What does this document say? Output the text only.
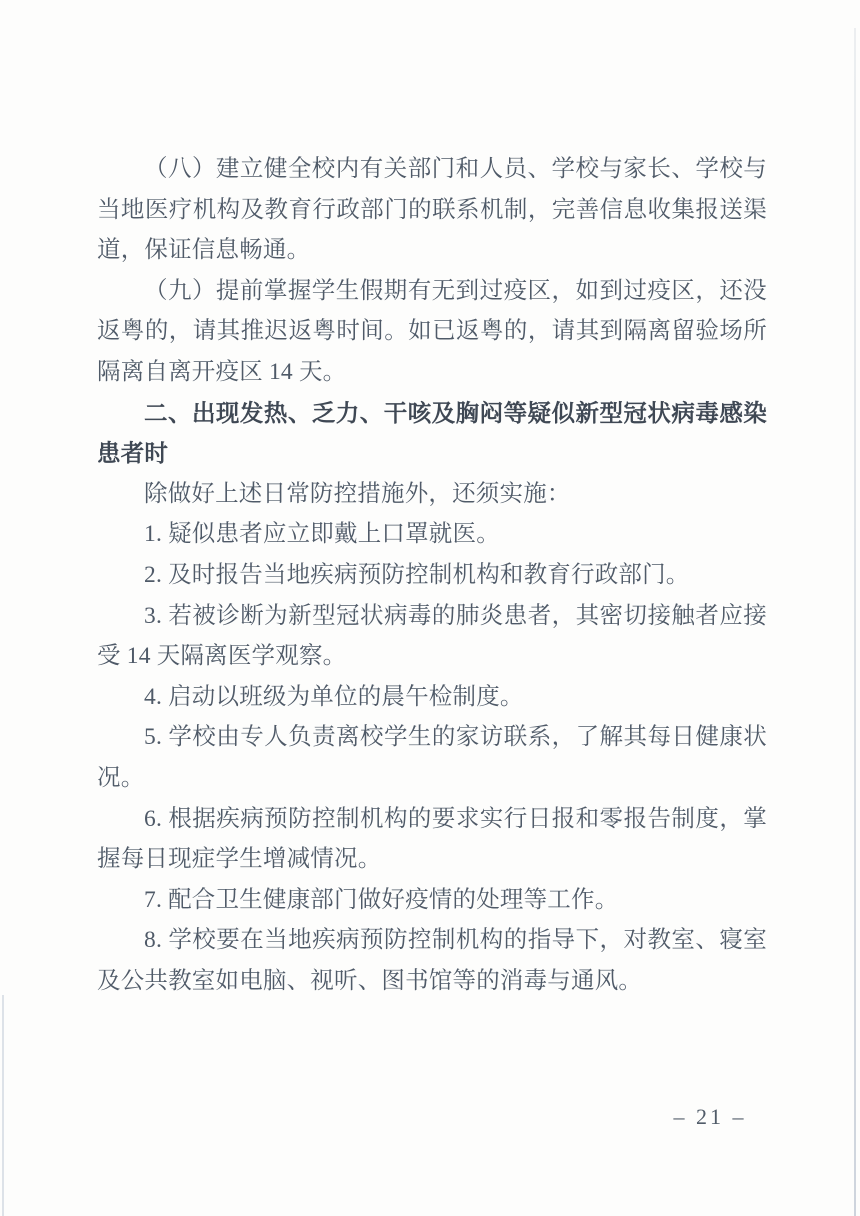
（八）建立健全校内有关部门和人员、学校与家长、学校与当地医疗机构及教育行政部门的联系机制，完善信息收集报送渠道，保证信息畅通。

（九）提前掌握学生假期有无到过疫区，如到过疫区，还没返粤的，请其推迟返粤时间。如已返粤的，请其到隔离留验场所隔离自离开疫区 14 天。

二、出现发热、乏力、干咳及胸闷等疑似新型冠状病毒感染患者时

除做好上述日常防控措施外，还须实施：

1. 疑似患者应立即戴上口罩就医。

2. 及时报告当地疾病预防控制机构和教育行政部门。

3. 若被诊断为新型冠状病毒的肺炎患者，其密切接触者应接受 14 天隔离医学观察。

4. 启动以班级为单位的晨午检制度。

5. 学校由专人负责离校学生的家访联系，了解其每日健康状况。

6. 根据疾病预防控制机构的要求实行日报和零报告制度，掌握每日现症学生增减情况。

7. 配合卫生健康部门做好疫情的处理等工作。

8. 学校要在当地疾病预防控制机构的指导下，对教室、寝室及公共教室如电脑、视听、图书馆等的消毒与通风。

– 21 –
